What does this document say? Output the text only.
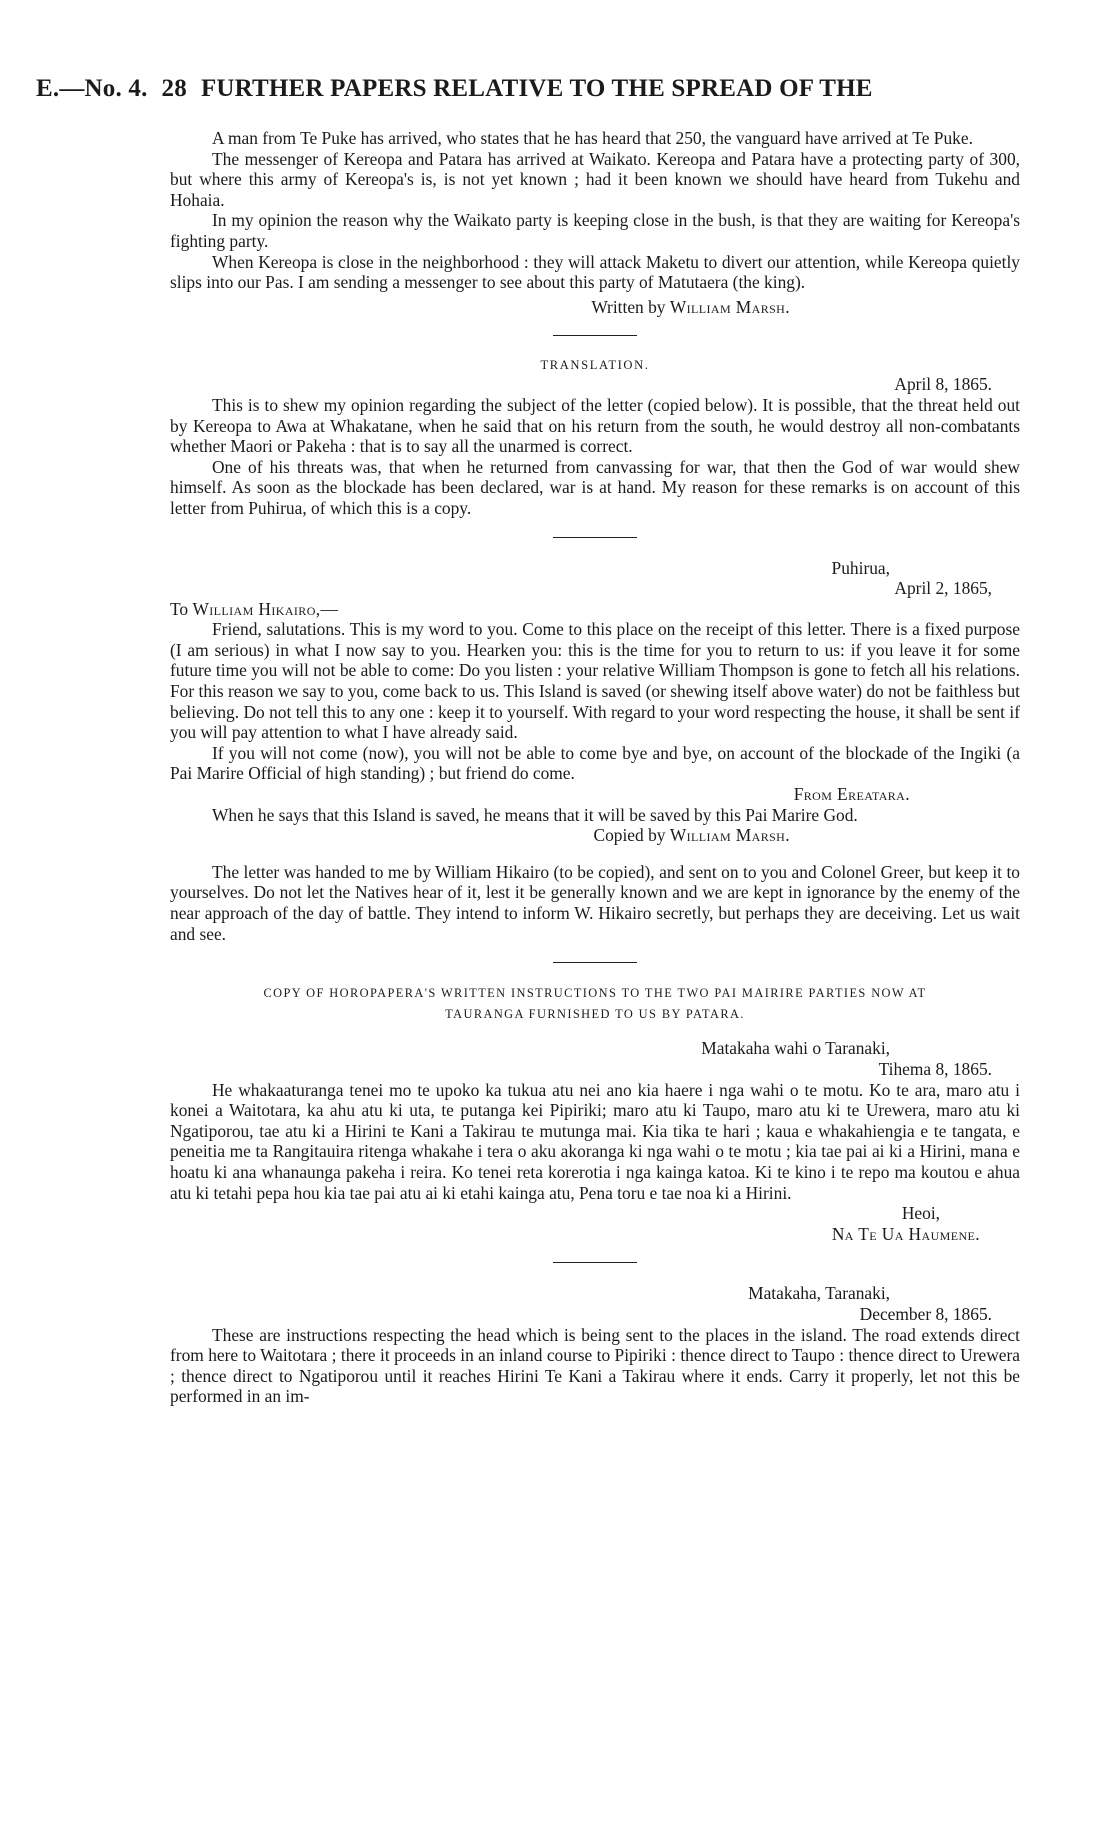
E.—No. 4. 28 FURTHER PAPERS RELATIVE TO THE SPREAD OF THE

A man from Te Puke has arrived, who states that he has heard that 250, the vanguard have arrived at Te Puke.

The messenger of Kereopa and Patara has arrived at Waikato. Kereopa and Patara have a protecting party of 300, but where this army of Kereopa's is, is not yet known ; had it been known we should have heard from Tukehu and Hohaia.

In my opinion the reason why the Waikato party is keeping close in the bush, is that they are waiting for Kereopa's fighting party.

When Kereopa is close in the neighborhood : they will attack Maketu to divert our attention, while Kereopa quietly slips into our Pas. I am sending a messenger to see about this party of Matutaera (the king).

Written by William Marsh.

TRANSLATION.

April 8, 1865.

This is to shew my opinion regarding the subject of the letter (copied below). It is possible, that the threat held out by Kereopa to Awa at Whakatane, when he said that on his return from the south, he would destroy all non-combatants whether Maori or Pakeha : that is to say all the unarmed is correct.

One of his threats was, that when he returned from canvassing for war, that then the God of war would shew himself. As soon as the blockade has been declared, war is at hand. My reason for these remarks is on account of this letter from Puhirua, of which this is a copy.

Puhirua,

April 2, 1865,

To William Hikairo,—

Friend, salutations. This is my word to you. Come to this place on the receipt of this letter. There is a fixed purpose (I am serious) in what I now say to you. Hearken you: this is the time for you to return to us: if you leave it for some future time you will not be able to come: Do you listen : your relative William Thompson is gone to fetch all his relations. For this reason we say to you, come back to us. This Island is saved (or shewing itself above water) do not be faithless but believing. Do not tell this to any one : keep it to yourself. With regard to your word respecting the house, it shall be sent if you will pay attention to what I have already said.

If you will not come (now), you will not be able to come bye and bye, on account of the blockade of the Ingiki (a Pai Marire Official of high standing) ; but friend do come.

From Ereatara.

When he says that this Island is saved, he means that it will be saved by this Pai Marire God.

Copied by William Marsh.

The letter was handed to me by William Hikairo (to be copied), and sent on to you and Colonel Greer, but keep it to yourselves. Do not let the Natives hear of it, lest it be generally known and we are kept in ignorance by the enemy of the near approach of the day of battle. They intend to inform W. Hikairo secretly, but perhaps they are deceiving. Let us wait and see.

COPY OF HOROPAPERA'S WRITTEN INSTRUCTIONS TO THE TWO PAI MAIRIRE PARTIES NOW AT
TAURANGA FURNISHED TO US BY PATARA.

Matakaha wahi o Taranaki,

Tihema 8, 1865.

He whakaaturanga tenei mo te upoko ka tukua atu nei ano kia haere i nga wahi o te motu. Ko te ara, maro atu i konei a Waitotara, ka ahu atu ki uta, te putanga kei Pipiriki; maro atu ki Taupo, maro atu ki te Urewera, maro atu ki Ngatiporou, tae atu ki a Hirini te Kani a Takirau te mutunga mai. Kia tika te hari ; kaua e whakahiengia e te tangata, e peneitia me ta Rangitauira ritenga whakahe i tera o aku akoranga ki nga wahi o te motu ; kia tae pai ai ki a Hirini, mana e hoatu ki ana whanaunga pakeha i reira. Ko tenei reta korerotia i nga kainga katoa. Ki te kino i te repo ma koutou e ahua atu ki tetahi pepa hou kia tae pai atu ai ki etahi kainga atu, Pena toru e tae noa ki a Hirini.

Heoi,

Na Te Ua Haumene.

Matakaha, Taranaki,

December 8, 1865.

These are instructions respecting the head which is being sent to the places in the island. The road extends direct from here to Waitotara ; there it proceeds in an inland course to Pipiriki : thence direct to Taupo : thence direct to Urewera ; thence direct to Ngatiporou until it reaches Hirini Te Kani a Takirau where it ends. Carry it properly, let not this be performed in an im-
